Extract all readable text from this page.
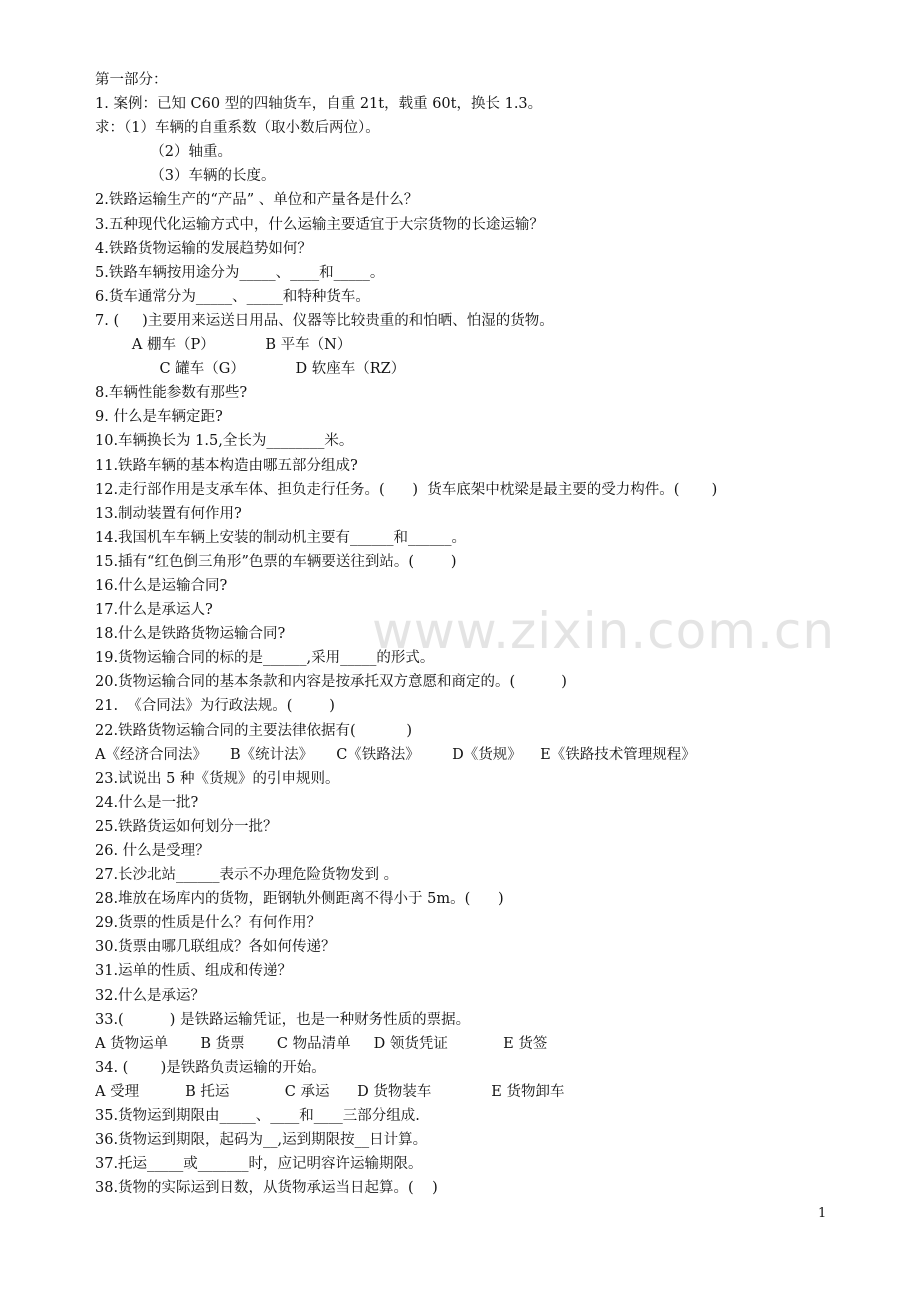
第一部分：
1. 案例：已知 C60 型的四轴货车，自重 21t，载重 60t，换长 1.3。
求：（1）车辆的自重系数（取小数后两位）。
（2）轴重。
（3）车辆的长度。
2.铁路运输生产的“产品” 、单位和产量各是什么？
3.五种现代化运输方式中，什么运输主要适宜于大宗货物的长途运输？
4.铁路货物运输的发展趋势如何？
5.铁路车辆按用途分为_____、____和_____。
6.货车通常分为_____、_____和特种货车。
7. (     )主要用来运送日用品、仪器等比较贵重的和怕晒、怕湿的货物。
A 棚车（P）           B 平车（N）
C 罐车（G）           D 软座车（RZ）
8.车辆性能参数有那些?
9. 什么是车辆定距?
10.车辆换长为 1.5,全长为________米。
11.铁路车辆的基本构造由哪五部分组成?
12.走行部作用是支承车体、担负走行任务。(      )  货车底架中枕梁是最主要的受力构件。(       )
13.制动装置有何作用?
14.我国机车车辆上安装的制动机主要有______和______。
15.插有“红色倒三角形”色票的车辆要送往到站。(        )
16.什么是运输合同?
17.什么是承运人?
18.什么是铁路货物运输合同?
19.货物运输合同的标的是______,采用_____的形式。
20.货物运输合同的基本条款和内容是按承托双方意愿和商定的。(          )
21.  《合同法》为行政法规。(        )
22.铁路货物运输合同的主要法律依据有(           )
A《经济合同法》     B《统计法》     C《铁路法》       D《货规》    E《铁路技术管理规程》
23.试说出 5 种《货规》的引申规则。
24.什么是一批?
25.铁路货运如何划分一批？
26. 什么是受理？
27.长沙北站______表示不办理危险货物发到 。
28.堆放在场库内的货物，距钢轨外侧距离不得小于 5m。(      )
29.货票的性质是什么？有何作用？
30.货票由哪几联组成？各如何传递？
31.运单的性质、组成和传递？
32.什么是承运？
33.(          ) 是铁路运输凭证，也是一种财务性质的票据。
A 货物运单       B 货票       C 物品清单     D 领货凭证            E 货签
34. (       )是铁路负责运输的开始。
A 受理          B 托运            C 承运      D 货物装车             E 货物卸车
35.货物运到期限由_____、____和____三部分组成.
36.货物运到期限，起码为__,运到期限按__日计算。
37.托运_____或_______时，应记明容许运输期限。
38.货物的实际运到日数，从货物承运当日起算。(    )
www.zixin.com.cn
1
